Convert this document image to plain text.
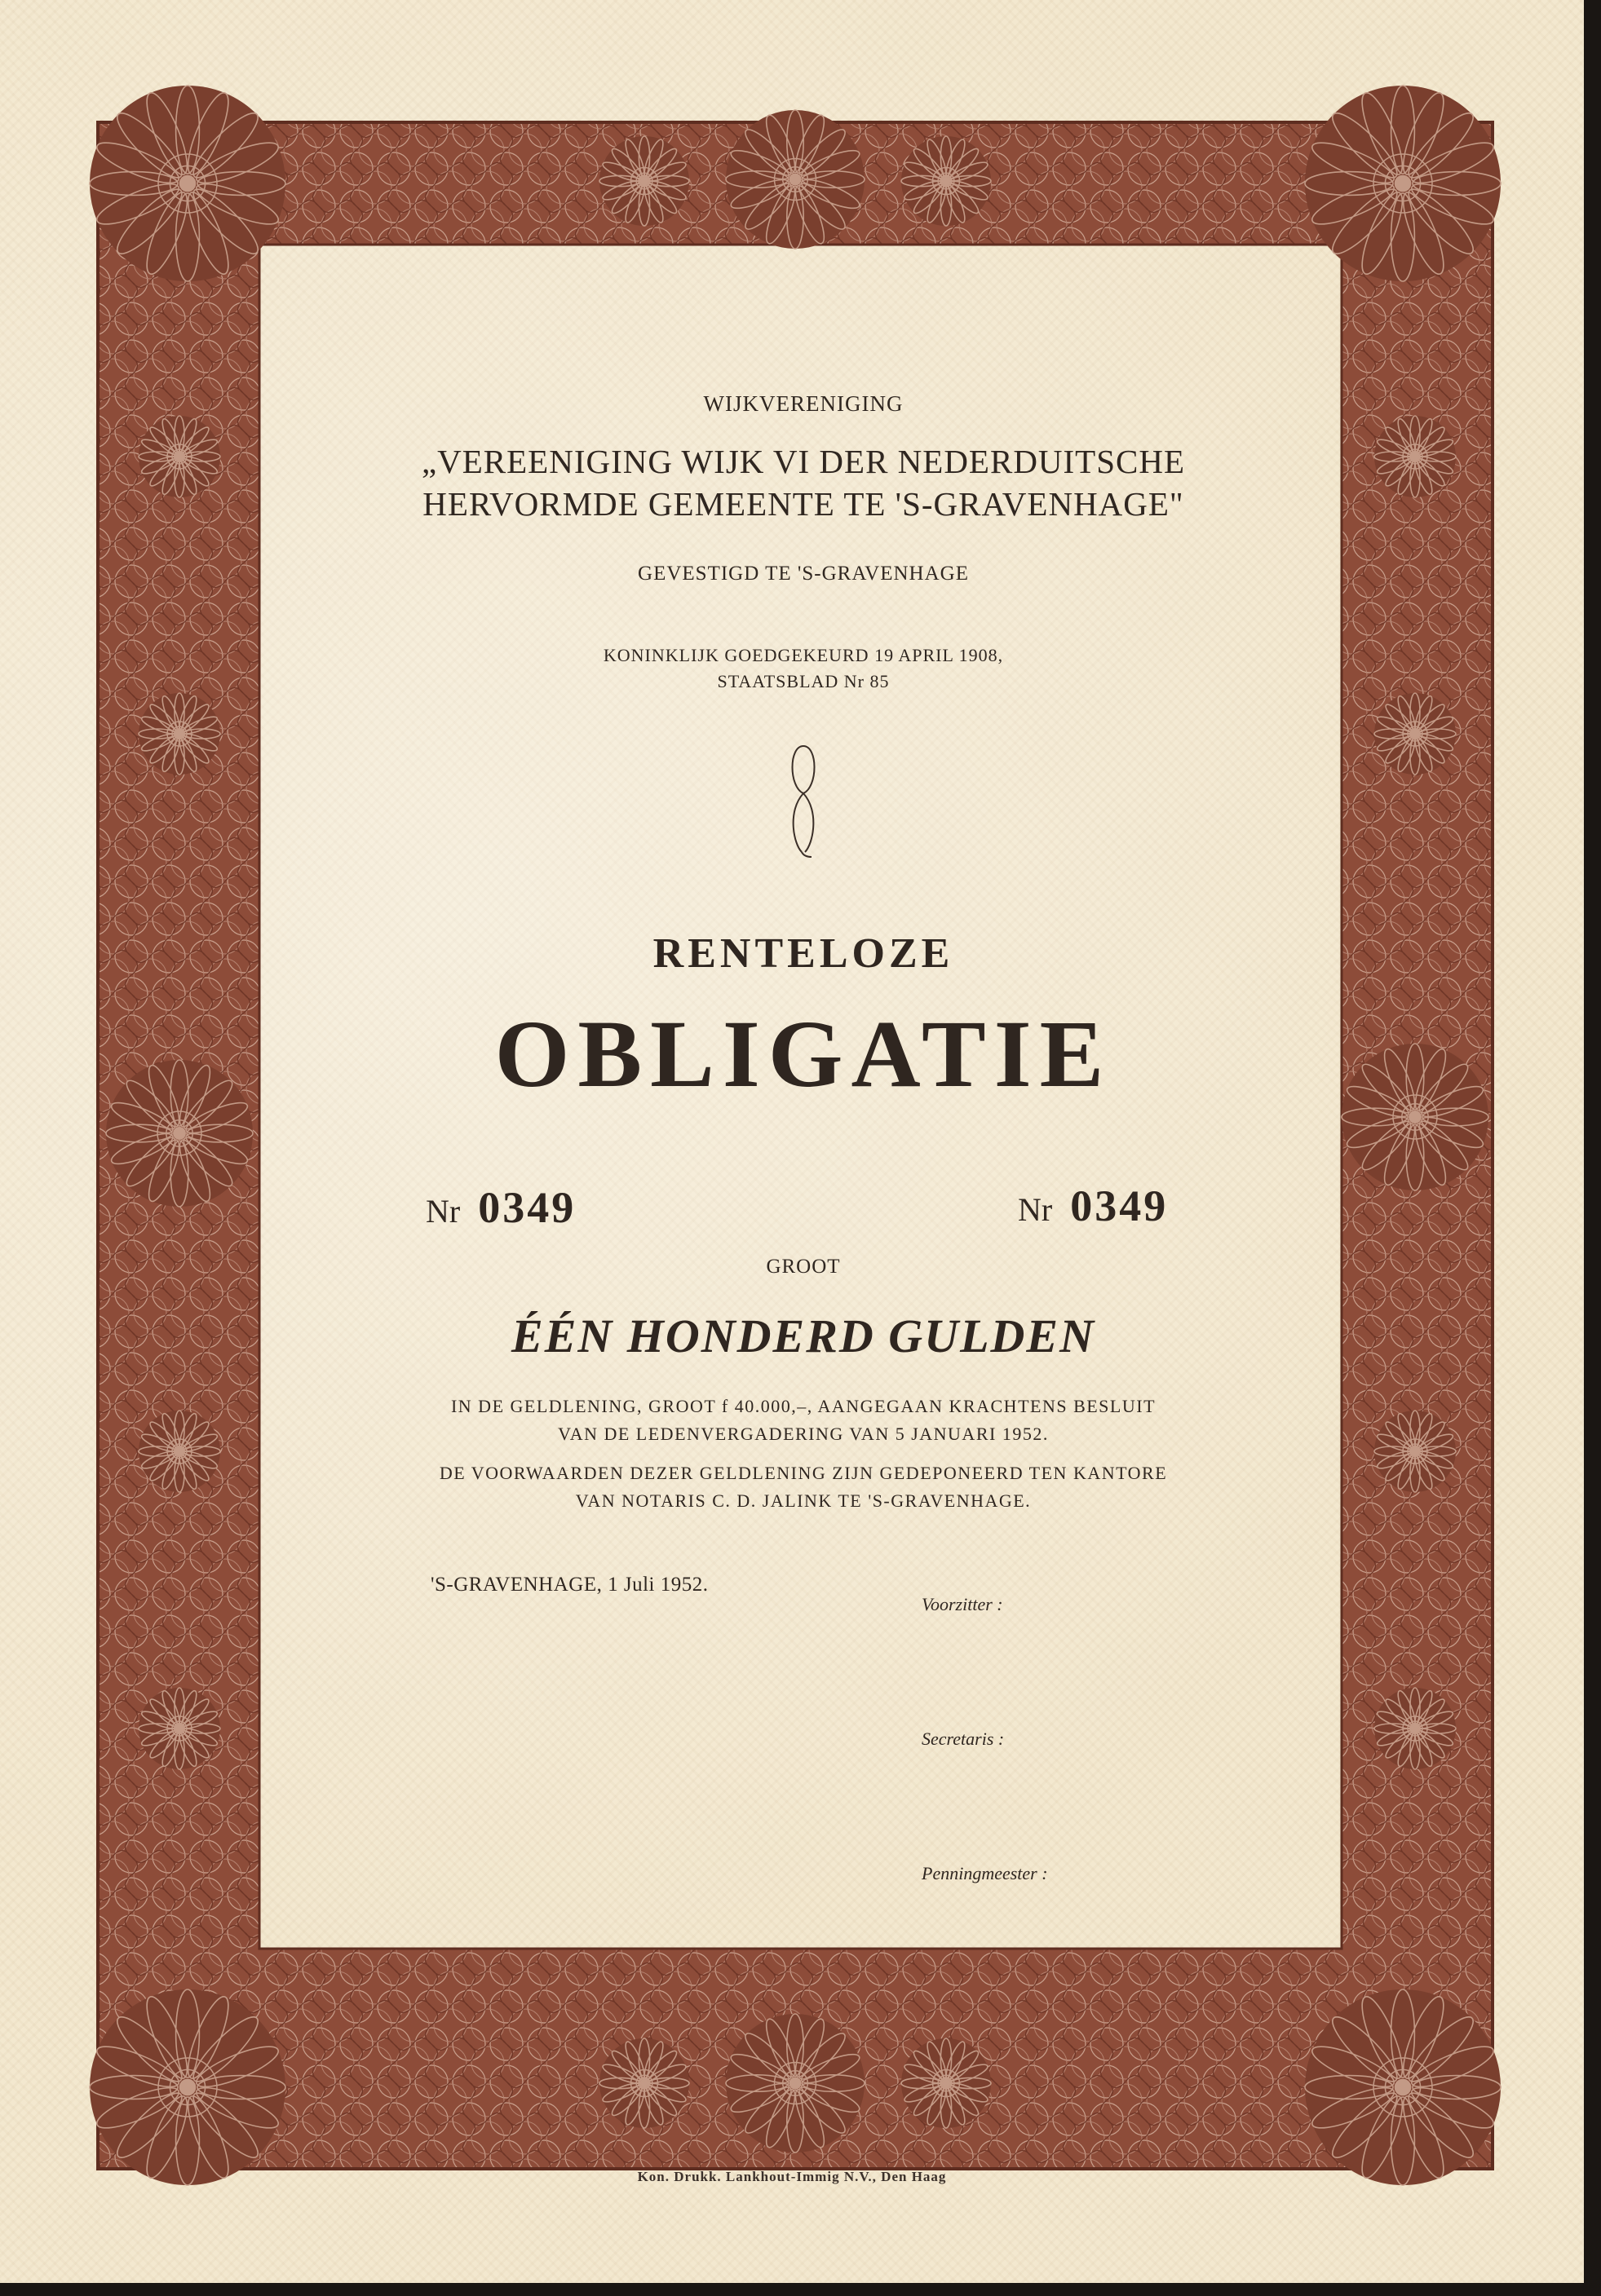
WIJKVERENIGING
„VEREENIGING WIJK VI DER NEDERDUITSCHE
HERVORMDE GEMEENTE TE 'S-GRAVENHAGE"
GEVESTIGD TE 'S-GRAVENHAGE
KONINKLIJK GOEDGEKEURD 19 APRIL 1908,
STAATSBLAD Nr 85
RENTELOZE
OBLIGATIE
Nr 0349	Nr 0349
GROOT
ÉÉN HONDERD GULDEN
IN DE GELDLENING, GROOT f 40.000,–, AANGEGAAN KRACHTENS BESLUIT
VAN DE LEDENVERGADERING VAN 5 JANUARI 1952.
DE VOORWAARDEN DEZER GELDLENING ZIJN GEDEPONEERD TEN KANTORE
VAN NOTARIS C. D. JALINK TE 'S-GRAVENHAGE.
'S-GRAVENHAGE, 1 Juli 1952.
Voorzitter :
Secretaris :
Penningmeester :
Kon. Drukk. Lankhout-Immig N.V., Den Haag
